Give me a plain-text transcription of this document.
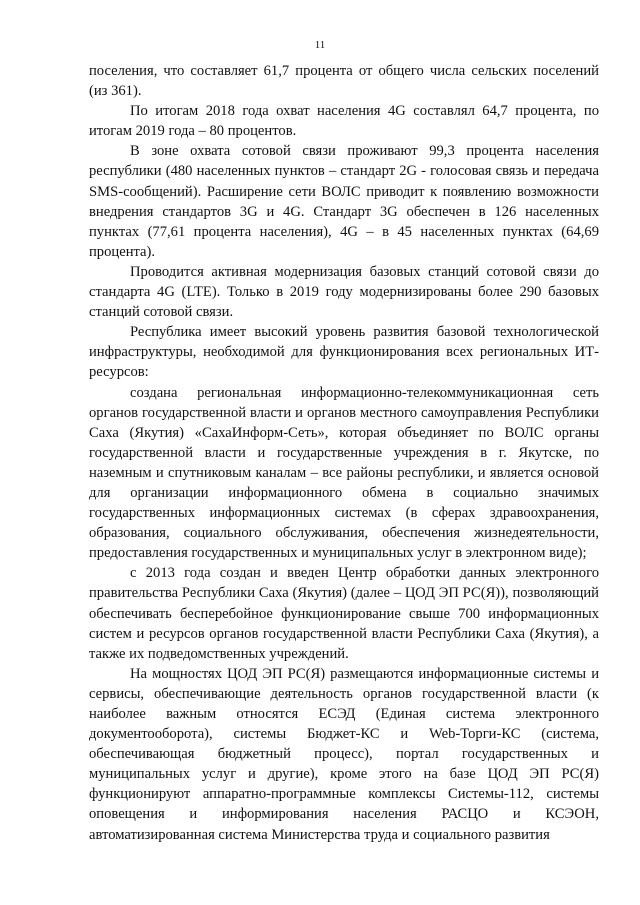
11

поселения, что составляет 61,7 процента от общего числа сельских поселений (из 361).

По итогам 2018 года охват населения 4G составлял 64,7 процента, по итогам 2019 года – 80 процентов.

В зоне охвата сотовой связи проживают 99,3 процента населения республики (480 населенных пунктов – стандарт 2G - голосовая связь и передача SMS-сообщений). Расширение сети ВОЛС приводит к появлению возможности внедрения стандартов 3G и 4G. Стандарт 3G обеспечен в 126 населенных пунктах (77,61 процента населения), 4G – в 45 населенных пунктах (64,69 процента).

Проводится активная модернизация базовых станций сотовой связи до стандарта 4G (LTE). Только в 2019 году модернизированы более 290 базовых станций сотовой связи.

Республика имеет высокий уровень развития базовой технологической инфраструктуры, необходимой для функционирования всех региональных ИТ-ресурсов:

создана региональная информационно-телекоммуникационная сеть органов государственной власти и органов местного самоуправления Республики Саха (Якутия) «СахаИнформ-Сеть», которая объединяет по ВОЛС органы государственной власти и государственные учреждения в г. Якутске, по наземным и спутниковым каналам – все районы республики, и является основой для организации информационного обмена в социально значимых государственных информационных системах (в сферах здравоохранения, образования, социального обслуживания, обеспечения жизнедеятельности, предоставления государственных и муниципальных услуг в электронном виде);

с 2013 года создан и введен Центр обработки данных электронного правительства Республики Саха (Якутия) (далее – ЦОД ЭП РС(Я)), позволяющий обеспечивать бесперебойное функционирование свыше 700 информационных систем и ресурсов органов государственной власти Республики Саха (Якутия), а также их подведомственных учреждений.

На мощностях ЦОД ЭП РС(Я) размещаются информационные системы и сервисы, обеспечивающие деятельность органов государственной власти (к наиболее важным относятся ЕСЭД (Единая система электронного документооборота), системы Бюджет-КС и Web-Торги-КС (система, обеспечивающая бюджетный процесс), портал государственных и муниципальных услуг и другие), кроме этого на базе ЦОД ЭП РС(Я) функционируют аппаратно-программные комплексы Системы-112, системы оповещения и информирования населения РАСЦО и КСЭОН, автоматизированная система Министерства труда и социального развития
